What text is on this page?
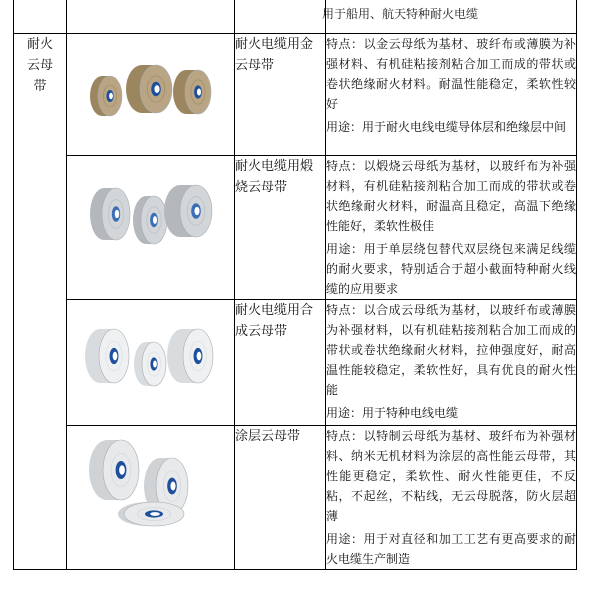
用于船用、航天特种耐火电缆
耐火云母带		耐火电缆用金云母带	特点：以金云母纸为基材、玻纤布或薄膜为补强材料、有机硅粘接剂粘合加工而成的带状或卷状绝缘耐火材料。耐温性能稳定，柔软性较好

用途：用于耐火电线电缆导体层和绝缘层中间

	耐火电缆用煅烧云母带	特点：以煅烧云母纸为基材，以玻纤布为补强材料，有机硅粘接剂粘合加工而成的带状或卷状绝缘耐火材料，耐温高且稳定，高温下绝缘性能好，柔软性极佳

用途：用于单层绕包替代双层绕包来满足线缆的耐火要求，特别适合于超小截面特种耐火线缆的应用要求

	耐火电缆用合成云母带	特点：以合成云母纸为基材，以玻纤布或薄膜为补强材料，以有机硅粘接剂粘合加工而成的带状或卷状绝缘耐火材料，拉伸强度好，耐高温性能较稳定，柔软性好，具有优良的耐火性能

用途：用于特种电线电缆

	涂层云母带	特点：以特制云母纸为基材、玻纤布为补强材料、纳米无机材料为涂层的高性能云母带，其性能更稳定，柔软性、耐火性能更佳，不反粘，不起丝，不粘线，无云母脱落，防火层超薄

用途：用于对直径和加工工艺有更高要求的耐火电缆生产制造
